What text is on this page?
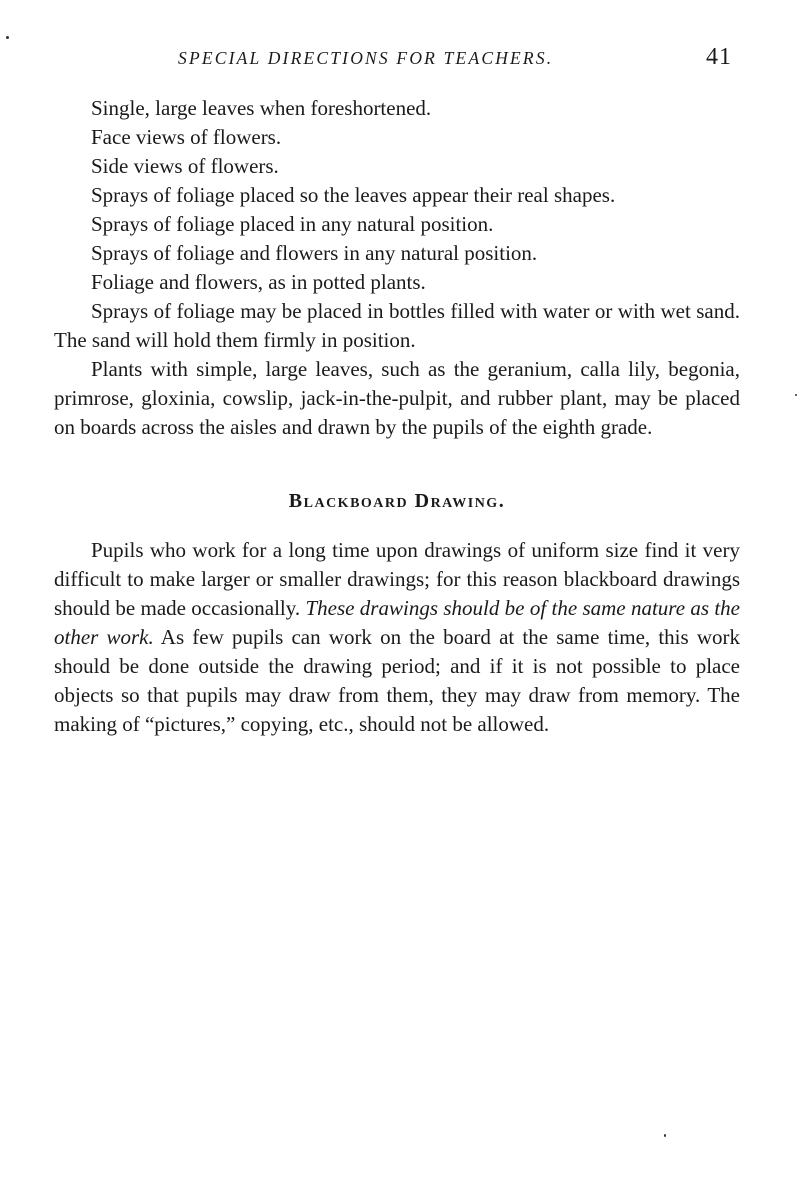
SPECIAL DIRECTIONS FOR TEACHERS.	41

Single, large leaves when foreshortened.

Face views of flowers.

Side views of flowers.

Sprays of foliage placed so the leaves appear their real shapes.

Sprays of foliage placed in any natural position.

Sprays of foliage and flowers in any natural position.

Foliage and flowers, as in potted plants.

Sprays of foliage may be placed in bottles filled with water or with wet sand. The sand will hold them firmly in position.

Plants with simple, large leaves, such as the geranium, calla lily, begonia, primrose, gloxinia, cowslip, jack-in-the-pulpit, and rubber plant, may be placed on boards across the aisles and drawn by the pupils of the eighth grade.

Blackboard Drawing.

Pupils who work for a long time upon drawings of uniform size find it very difficult to make larger or smaller drawings; for this reason blackboard drawings should be made occasionally. These drawings should be of the same nature as the other work. As few pupils can work on the board at the same time, this work should be done outside the drawing period; and if it is not possible to place objects so that pupils may draw from them, they may draw from memory. The making of “pictures,” copying, etc., should not be allowed.
